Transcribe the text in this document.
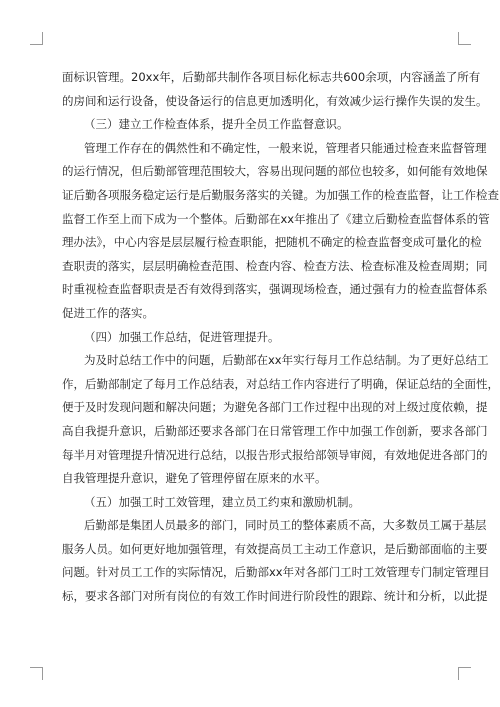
面标识管理。20xx年，后勤部共制作各项目标化标志共600余项，内容涵盖了所有
的房间和运行设备，使设备运行的信息更加透明化，有效减少运行操作失误的发生。
（三）建立工作检查体系，提升全员工作监督意识。
管理工作存在的偶然性和不确定性，一般来说，管理者只能通过检查来监督管理
的运行情况，但后勤部管理范围较大，容易出现问题的部位也较多，如何能有效地保
证后勤各项服务稳定运行是后勤服务落实的关键。为加强工作的检查监督，让工作检查
监督工作至上而下成为一个整体。后勤部在xx年推出了《建立后勤检查监督体系的管
理办法》，中心内容是层层履行检查职能，把随机不确定的检查监督变成可量化的检
查职责的落实，层层明确检查范围、检查内容、检查方法、检查标准及检查周期；同
时重视检查监督职责是否有效得到落实，强调现场检查，通过强有力的检查监督体系
促进工作的落实。
（四）加强工作总结，促进管理提升。
为及时总结工作中的问题，后勤部在xx年实行每月工作总结制。为了更好总结工
作，后勤部制定了每月工作总结表，对总结工作内容进行了明确，保证总结的全面性，
便于及时发现问题和解决问题；为避免各部门工作过程中出现的对上级过度依赖，提
高自我提升意识，后勤部还要求各部门在日常管理工作中加强工作创新，要求各部门
每半月对管理提升情况进行总结，以报告形式报给部领导审阅，有效地促进各部门的
自我管理提升意识，避免了管理停留在原来的水平。
（五）加强工时工效管理，建立员工约束和激励机制。
后勤部是集团人员最多的部门，同时员工的整体素质不高，大多数员工属于基层
服务人员。如何更好地加强管理，有效提高员工主动工作意识，是后勤部面临的主要
问题。针对员工工作的实际情况，后勤部xx年对各部门工时工效管理专门制定管理目
标，要求各部门对所有岗位的有效工作时间进行阶段性的跟踪、统计和分析，以此提
